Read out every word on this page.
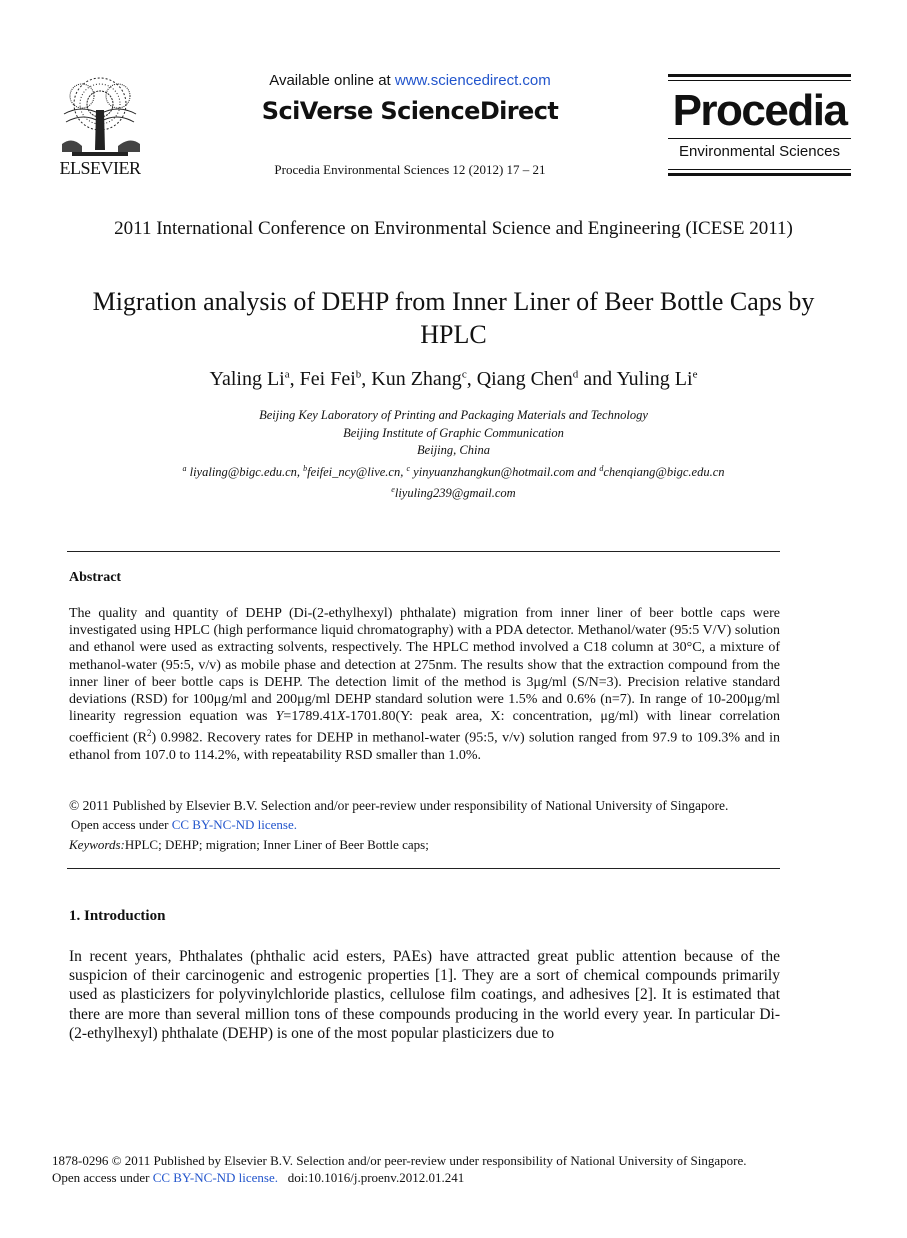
ELSEVIER
Available online at www.sciencedirect.com
SciVerse ScienceDirect
Procedia Environmental Sciences 12 (2012) 17 – 21
Procedia
Environmental Sciences
2011 International Conference on Environmental Science and Engineering (ICESE 2011)
Migration analysis of DEHP from Inner Liner of Beer Bottle Caps by HPLC
Yaling Li$^a$, Fei Fei$^b$, Kun Zhang$^c$, Qiang Chen$^d$ and Yuling Li$^e$
Beijing Key Laboratory of Printing and Packaging Materials and Technology
Beijing Institute of Graphic Communication
Beijing, China
$^a$ liyaling@bigc.edu.cn, $^b$feifei_ncy@live.cn, $^c$ yinyuanzhangkun@hotmail.com and $^d$chenqiang@bigc.edu.cn
$^e$liyuling239@gmail.com
Abstract
The quality and quantity of DEHP (Di-(2-ethylhexyl) phthalate) migration from inner liner of beer bottle caps were investigated using HPLC (high performance liquid chromatography) with a PDA detector. Methanol/water (95:5 V/V) solution and ethanol were used as extracting solvents, respectively. The HPLC method involved a C18 column at 30°C, a mixture of methanol-water (95:5, v/v) as mobile phase and detection at 275nm. The results show that the extraction compound from the inner liner of beer bottle caps is DEHP. The detection limit of the method is 3μg/ml (S/N=3). Precision relative standard deviations (RSD) for 100μg/ml and 200μg/ml DEHP standard solution were 1.5% and 0.6% (n=7). In range of 10-200μg/ml linearity regression equation was Y=1789.41X-1701.80(Y: peak area, X: concentration, μg/ml) with linear correlation coefficient $(R^2)$ 0.9982. Recovery rates for DEHP in methanol-water (95:5, v/v) solution ranged from 97.9 to 109.3% and in ethanol from 107.0 to 114.2%, with repeatability RSD smaller than 1.0%.
© 2011 Published by Elsevier B.V. Selection and/or peer-review under responsibility of National University of Singapore.
Open access under CC BY-NC-ND license.
Keywords:HPLC; DEHP; migration; Inner Liner of Beer Bottle caps;
1. Introduction
In recent years, Phthalates (phthalic acid esters, PAEs) have attracted great public attention because of the suspicion of their carcinogenic and estrogenic properties [1]. They are a sort of chemical compounds primarily used as plasticizers for polyvinylchloride plastics, cellulose film coatings, and adhesives [2]. It is estimated that there are more than several million tons of these compounds producing in the world every year. In particular Di-(2-ethylhexyl) phthalate (DEHP) is one of the most popular plasticizers due to
1878-0296 © 2011 Published by Elsevier B.V. Selection and/or peer-review under responsibility of National University of Singapore.
Open access under CC BY-NC-ND license. doi:10.1016/j.proenv.2012.01.241
